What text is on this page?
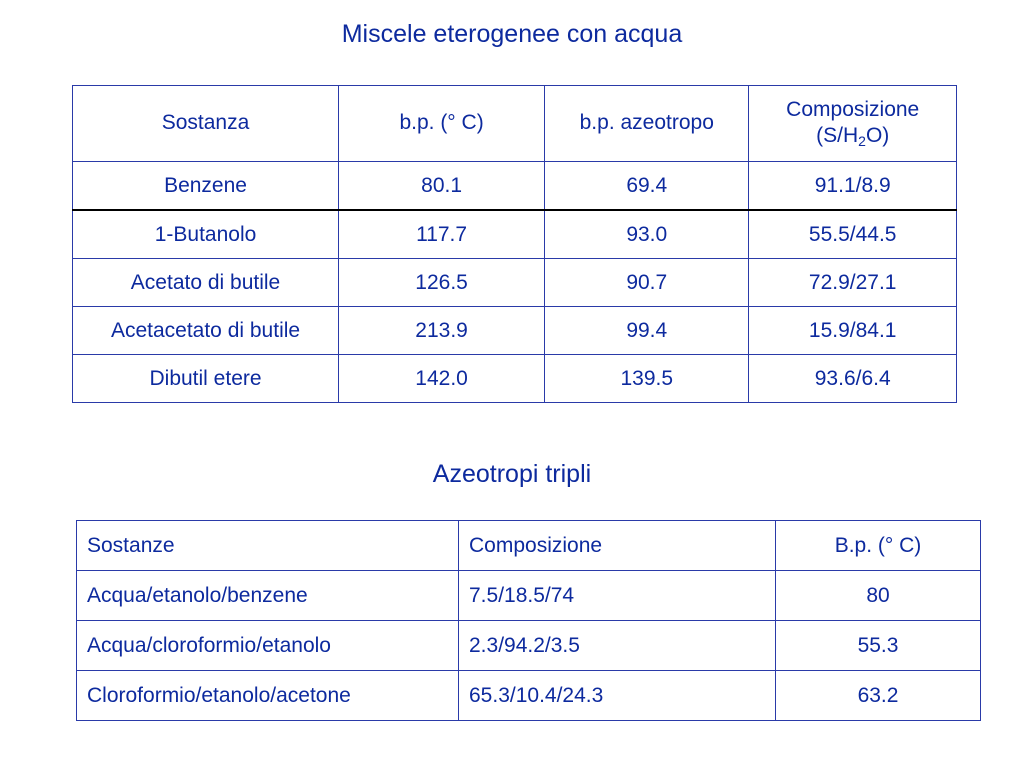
Miscele eterogenee con acqua
Sostanza	b.p. (° C)	b.p. azeotropo	Composizione
$(S/H_2O)$
Benzene	80.1	69.4	91.1/8.9
1-Butanolo	117.7	93.0	55.5/44.5
Acetato di butile	126.5	90.7	72.9/27.1
Acetacetato di butile	213.9	99.4	15.9/84.1
Dibutil etere	142.0	139.5	93.6/6.4
Azeotropi tripli
Sostanze	Composizione	B.p. (° C)
Acqua/etanolo/benzene	7.5/18.5/74	80
Acqua/cloroformio/etanolo	2.3/94.2/3.5	55.3
Cloroformio/etanolo/acetone	65.3/10.4/24.3	63.2
